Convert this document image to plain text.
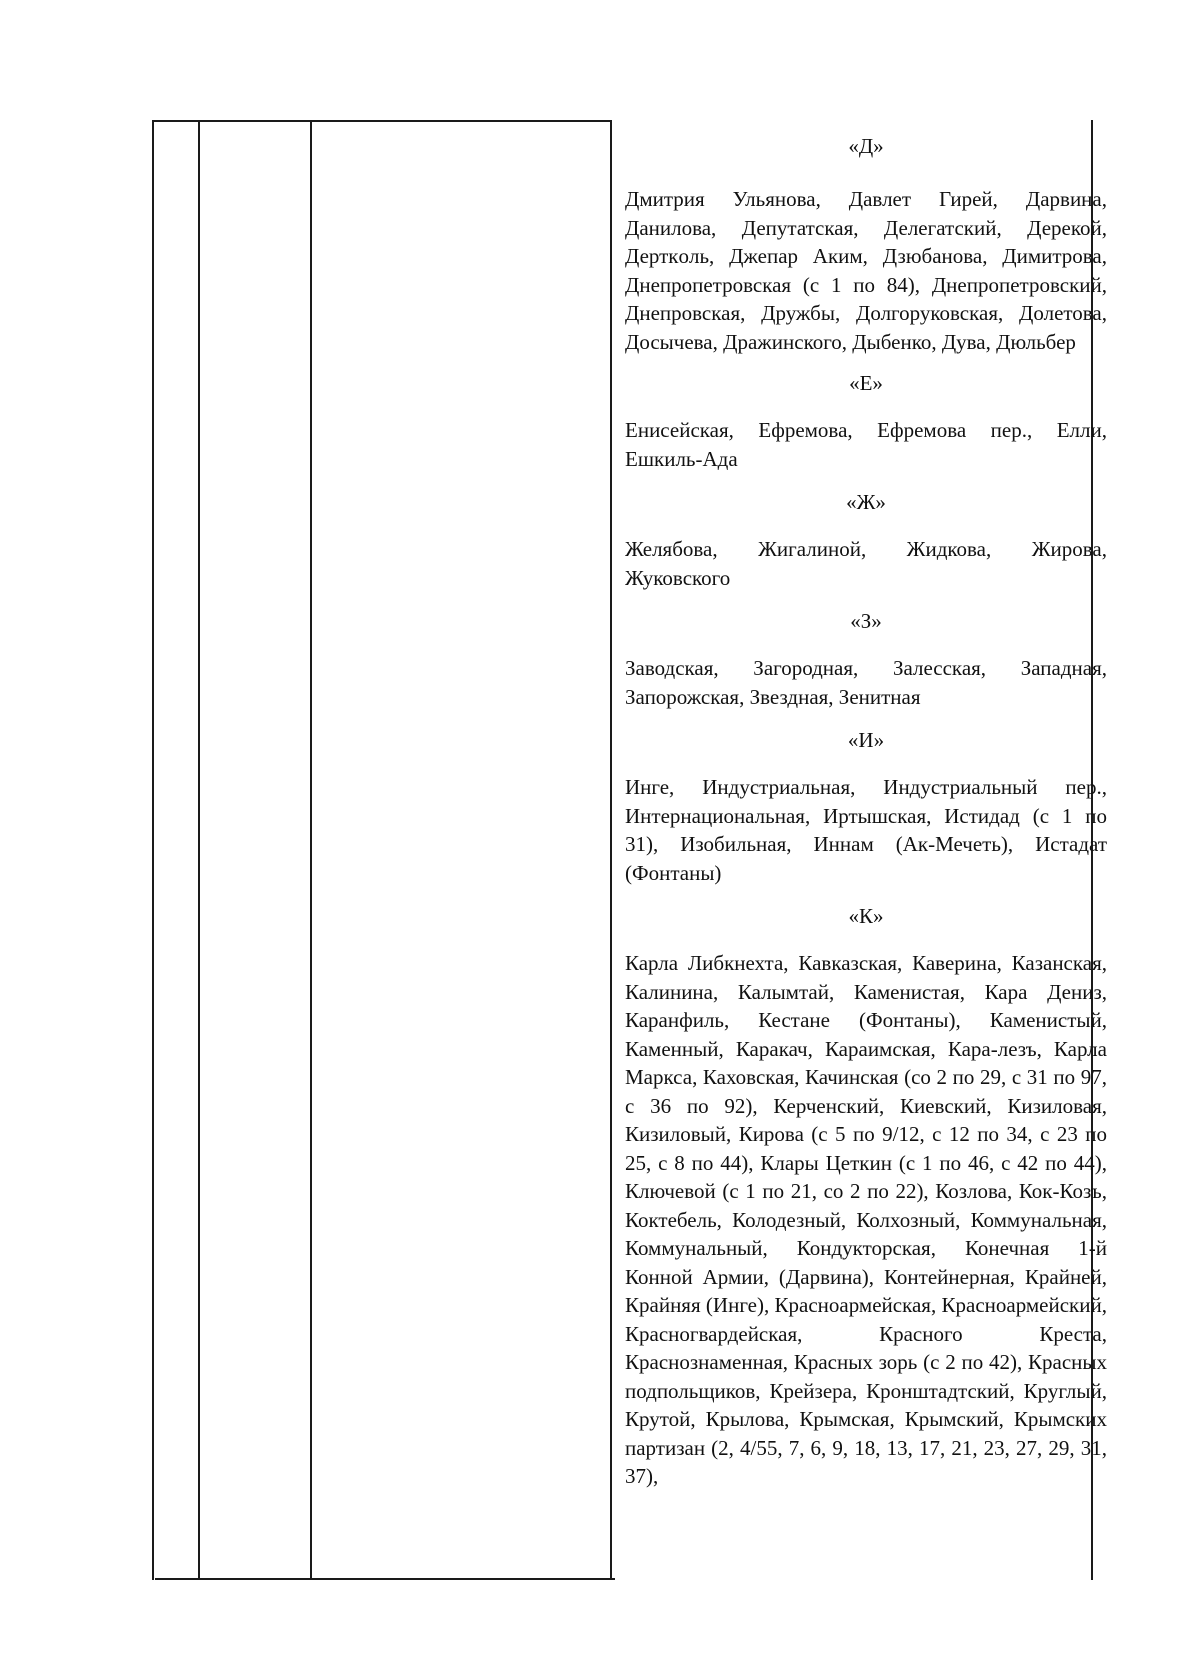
«Д»

Дмитрия Ульянова, Давлет Гирей, Дарвина, Данилова, Депутатская, Делегатский, Дерекой, Дерткoль, Джепар Аким, Дзюбанова, Димитрова, Днепропетровская (с 1 по 84), Днепропетровский, Днепровская, Дружбы, Долгоруковская, Долетова, Досычева, Дражинского, Дыбенко, Дува, Дюльбер

«Е»

Енисейская, Ефремова, Ефремова пер., Елли, Ешкиль-Ада

«Ж»

Желябова, Жигалиной, Жидкова, Жирова, Жуковского

«З»

Заводская, Загородная, Залесская, Западная, Запорожская, Звездная, Зенитная

«И»

Инге, Индустриальная, Индустриальный пер., Интернациональная, Иртышская, Истидад (с 1 по 31), Изобильная, Иннам (Ак-Мечеть), Истадат (Фонтаны)

«К»

Карла Либкнехта, Кавказская, Каверина, Казанская, Калинина, Калымтай, Каменистая, Кара Дениз, Каранфиль, Кестане (Фонтаны), Каменистый, Каменный, Каракач, Караимская, Кара-лезъ, Карла Маркса, Каховская, Качинская (со 2 по 29, с 31 по 97, с 36 по 92), Керченский, Киевский, Кизиловая, Кизиловый, Кирова (с 5 по 9/12, с 12 по 34, с 23 по 25, с 8 по 44), Клары Цеткин (с 1 по 46, с 42 по 44), Ключевой (с 1 по 21, со 2 по 22), Козлова, Кок-Козъ, Коктебель, Колодезный, Колхозный, Коммунальная, Коммунальный, Кондукторская, Конечная 1-й Конной Армии, (Дарвина), Контейнерная, Крайней, Крайняя (Инге), Красноармейская, Красноармейский, Красногвардейская, Красного Креста, Краснознаменная, Красных зорь (с 2 по 42), Красных подпольщиков, Крейзера, Кронштадтский, Круглый, Крутой, Крылова, Крымская, Крымский, Крымских партизан (2, 4/55, 7, 6, 9, 18, 13, 17, 21, 23, 27, 29, 31, 37),
